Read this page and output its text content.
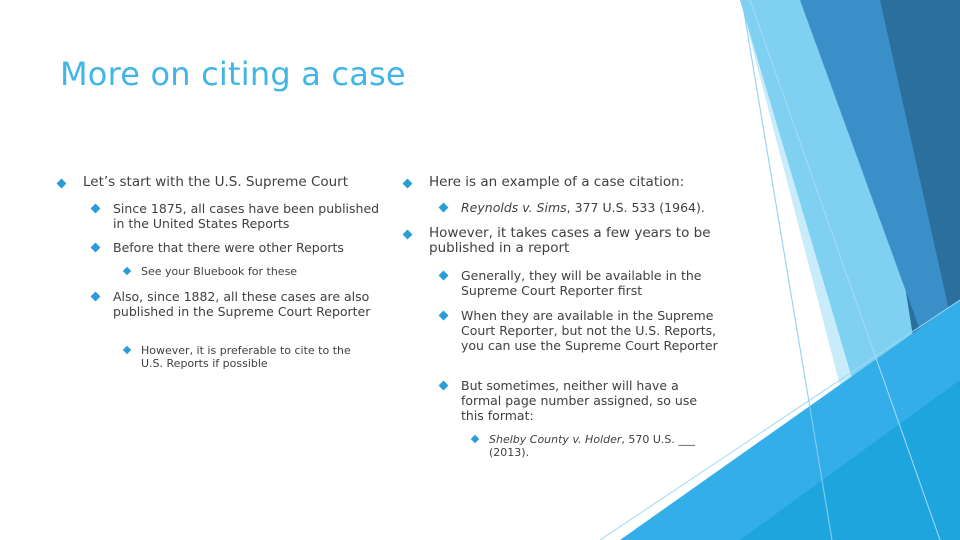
More on citing a case
Let’s start with the U.S. Supreme Court
Since 1875, all cases have been published in the United States Reports
Before that there were other Reports
See your Bluebook for these
Also, since 1882, all these cases are also published in the Supreme Court Reporter
However, it is preferable to cite to the U.S. Reports if possible
Here is an example of a case citation:
Reynolds v. Sims, 377 U.S. 533 (1964).
However, it takes cases a few years to be published in a report
Generally, they will be available in the Supreme Court Reporter first
When they are available in the Supreme Court Reporter, but not the U.S. Reports, you can use the Supreme Court Reporter
But sometimes, neither will have a formal page number assigned, so use this format:
Shelby County v. Holder, 570 U.S. ___ (2013).
